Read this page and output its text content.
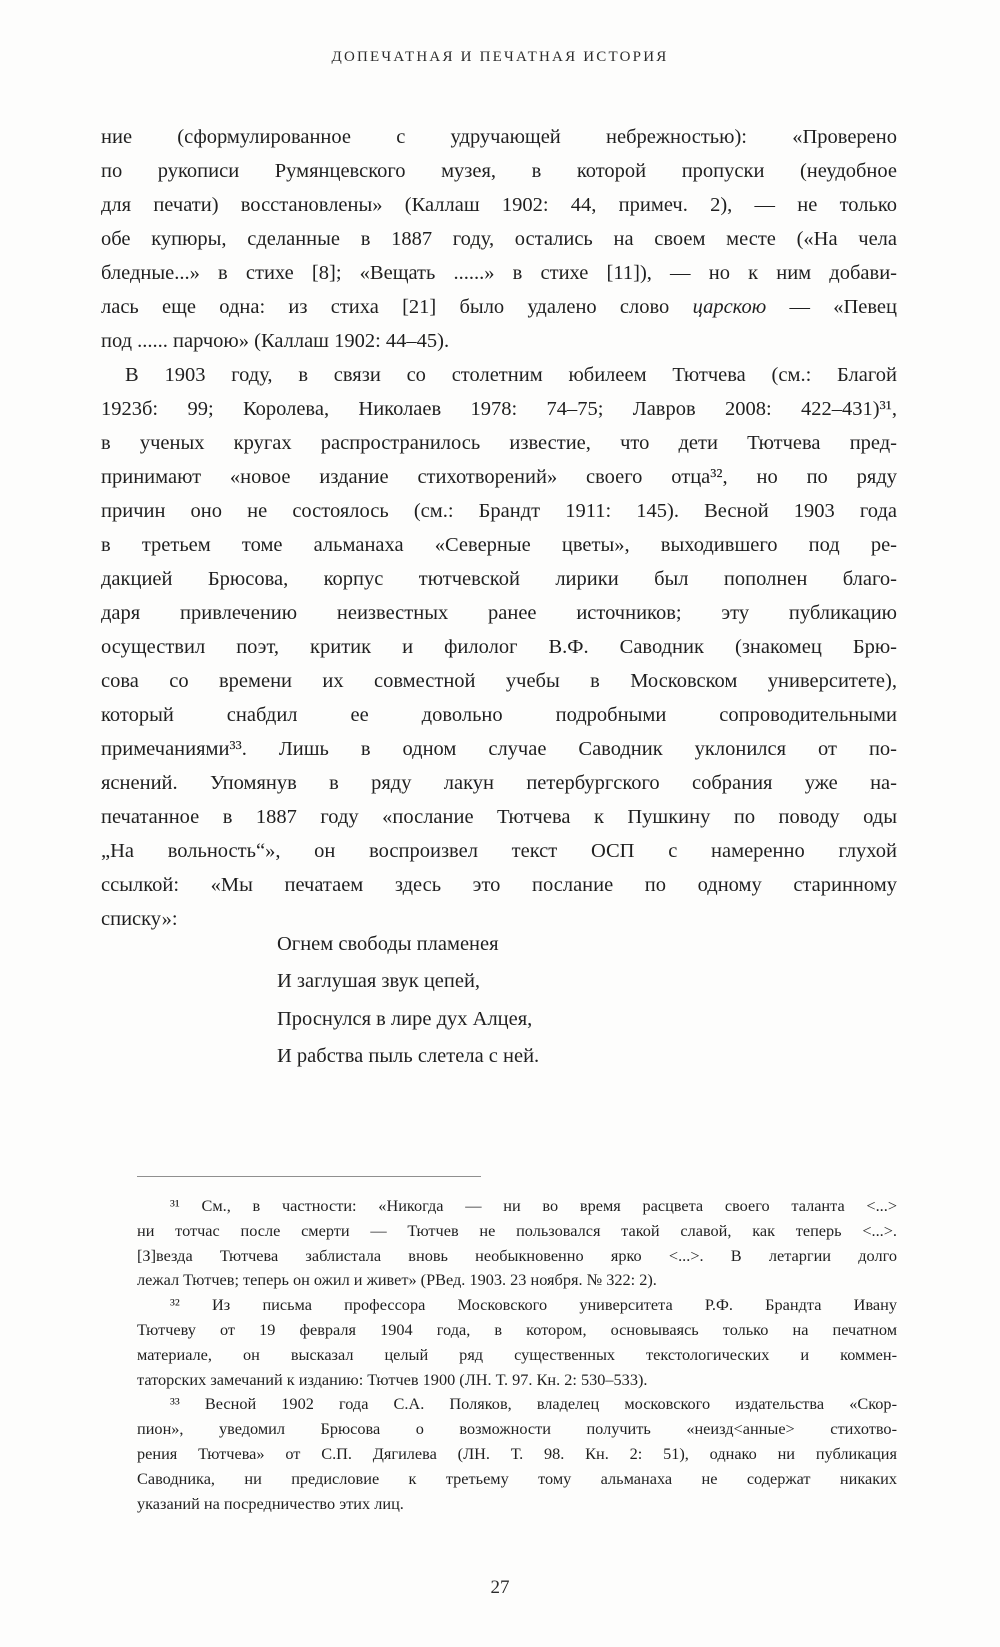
ДОПЕЧАТНАЯ И ПЕЧАТНАЯ ИСТОРИЯ
ние (сформулированное с удручающей небрежностью): «Проверено
по рукописи Румянцевского музея, в которой пропуски (неудобное
для печати) восстановлены» (Каллаш 1902: 44, примеч. 2), — не только
обе купюры, сделанные в 1887 году, остались на своем месте («На чела
бледные...» в стихе [8]; «Вещать ......» в стихе [11]), — но к ним добави-
лась еще одна: из стиха [21] было удалено слово царскою — «Певец
под ...... парчою» (Каллаш 1902: 44–45).
В 1903 году, в связи со столетним юбилеем Тютчева (см.: Благой
1923б: 99; Королева, Николаев 1978: 74–75; Лавров 2008: 422–431)³¹,
в ученых кругах распространилось известие, что дети Тютчева пред-
принимают «новое издание стихотворений» своего отца³², но по ряду
причин оно не состоялось (см.: Брандт 1911: 145). Весной 1903 года
в третьем томе альманаха «Северные цветы», выходившего под ре-
дакцией Брюсова, корпус тютчевской лирики был пополнен благо-
даря привлечению неизвестных ранее источников; эту публикацию
осуществил поэт, критик и филолог В.Ф. Саводник (знакомец Брю-
сова со времени их совместной учебы в Московском университете),
который снабдил ее довольно подробными сопроводительными
примечаниями³³. Лишь в одном случае Саводник уклонился от по-
яснений. Упомянув в ряду лакун петербургского собрания уже на-
печатанное в 1887 году «послание Тютчева к Пушкину по поводу оды
„На вольность“», он воспроизвел текст ОСП с намеренно глухой
ссылкой: «Мы печатаем здесь это послание по одному старинному
списку»:
Огнем свободы пламенея
И заглушая звук цепей,
Проснулся в лире дух Алцея,
И рабства пыль слетела с ней.
³¹ См., в частности: «Никогда — ни во время расцвета своего таланта <...>
ни тотчас после смерти — Тютчев не пользовался такой славой, как теперь <...>.
[З]везда Тютчева заблистала вновь необыкновенно ярко <...>. В летаргии долго
лежал Тютчев; теперь он ожил и живет» (РВед. 1903. 23 ноября. № 322: 2).
³² Из письма профессора Московского университета Р.Ф. Брандта Ивану
Тютчеву от 19 февраля 1904 года, в котором, основываясь только на печатном
материале, он высказал целый ряд существенных текстологических и коммен-
таторских замечаний к изданию: Тютчев 1900 (ЛН. Т. 97. Кн. 2: 530–533).
³³ Весной 1902 года С.А. Поляков, владелец московского издательства «Скор-
пион», уведомил Брюсова о возможности получить «неизд<анные> стихотво-
рения Тютчева» от С.П. Дягилева (ЛН. Т. 98. Кн. 2: 51), однако ни публикация
Саводника, ни предисловие к третьему тому альманаха не содержат никаких
указаний на посредничество этих лиц.
27
